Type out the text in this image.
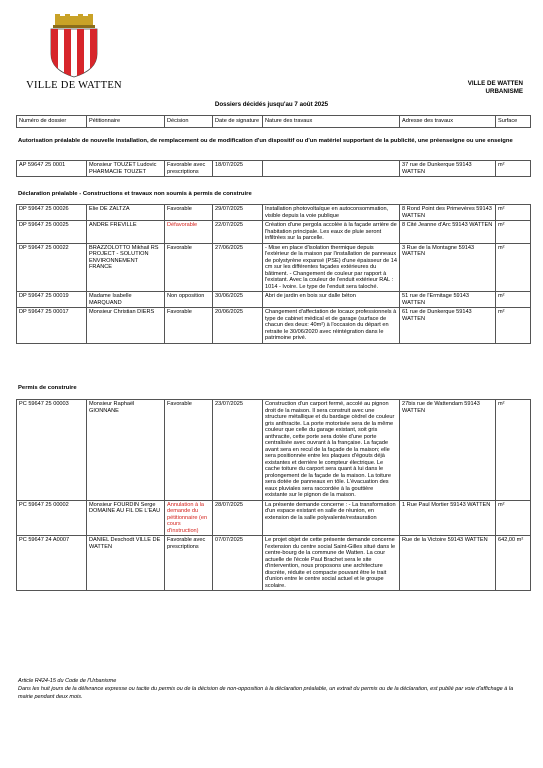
VILLE DE WATTEN	VILLE DE WATTEN
URBANISME
Dossiers décidés jusqu'au 7 août 2025
Numéro de dossier	Pétitionnaire	Décision	Date de signature	Nature des travaux	Adresse des travaux	Surface
Autorisation préalable de nouvelle installation, de remplacement ou de modification d'un dispositif ou d'un matériel supportant de la publicité, une préenseigne ou une enseigne
AP 59647 25 0001	Monsieur TOUZET Ludovic PHARMACIE TOUZET	Favorable avec prescriptions	18/07/2025		37 rue de Dunkerque 59143 WATTEN	m²
Déclaration préalable - Constructions et travaux non soumis à permis de construire
DP 59647 25 00026	Elie DE ZALTZA	Favorable	29/07/2025	Installation photovoltaïque en autoconsommation, visible depuis la voie publique	8 Rond Point des Primevères 59143 WATTEN	m²
DP 59647 25 00025	ANDRE FREVILLE	Défavorable	22/07/2025	Création d'une pergola accolée à la façade arrière de l'habitation principale. Les eaux de pluie seront infiltrées sur la parcelle.	8 Cité Jeanne d'Arc 59143 WATTEN	m²
DP 59647 25 00022	BRAZZOLOTTO Mikhail RS PROJECT - SOLUTION ENVIRONNEMENT FRANCE	Favorable	27/06/2025	- Mise en place d'isolation thermique depuis l'extérieur de la maison par l'installation de panneaux de polystyrène expansé (PSE) d'une épaisseur de 14 cm sur les différentes façades extérieures du bâtiment. - Changement de couleur par rapport à l'existant. Avec la couleur de l'enduit extérieur RAL : 1014 - Ivoire. Le type de l'enduit sera taloché.	3 Rue de la Montagne 59143 WATTEN	m²
DP 59647 25 00019	Madame Isabelle MARQUAND	Non opposition	30/06/2025	Abri de jardin en bois sur dalle béton	51 rue de l'Ermitage 59143 WATTEN	m²
DP 59647 25 00017	Monsieur Christian DIERS	Favorable	20/06/2025	Changement d'affectation de locaux professionnels à type de cabinet médical et de garage (surface de chacun des deux: 40m²) à l'occasion du départ en retraite le 30/06/2020 avec réintégration dans le patrimoine privé.	61 rue de Dunkerque 59143 WATTEN	m²
Permis de construire
PC 59647 25 00003	Monsieur Raphaël GIONNANE	Favorable	23/07/2025	Construction d'un carport fermé, accolé au pignon droit de la maison. Il sera construit avec une structure métallique et du bardage cèdrel de couleur gris anthracite. La porte motorisée sera de la même couleur que celle du garage existant, soit gris anthracite, cette porte sera dotée d'une porte centralisée avec ouvrant à la française. La façade avant sera en recul de la façade de la maison; elle sera positionnée entre les plaques d'égouts déjà existantes et derrière le compteur électrique. Le cache toiture du carport sera quant à lui dans le prolongement de la façade de la maison. La toiture sera dotée de panneaux en tôle. L'évacuation des eaux pluviales sera raccordée à la gouttière existante sur le pignon de la maison.	27bis rue de Wattendam 59143 WATTEN	m²
PC 59647 25 00002	Monsieur FOURDIN Serge DOMAINE AU FIL DE L'EAU	Annulation à la demande du pétitionnaire (en cours d'instruction)	28/07/2025	La présente demande concerne : - La transformation d'un espace existant en salle de réunion, en extension de la salle polyvalente/restauration	1 Rue Paul Mortier 59143 WATTEN	m²
PC 59647 24 A0007	DANIEL Deschodt VILLE DE WATTEN	Favorable avec prescriptions	07/07/2025	Le projet objet de cette présente demande concerne l'extension du centre social Saint-Gilles situé dans le centre-bourg de la commune de Watten. La cour actuelle de l'école Paul Brachet sera le site d'intervention, nous proposons une architecture discrète, réduite et compacte pouvant être le trait d'union entre le centre social actuel et le groupe scolaire.	Rue de la Victoire 59143 WATTEN	642,00 m²
Article R424-15 du Code de l'Urbanisme
Dans les huit jours de la délivrance expresse ou tacite du permis ou de la décision de non-opposition à la déclaration préalable, un extrait du permis ou de la déclaration, est publié par voie d'affichage à la mairie pendant deux mois.
